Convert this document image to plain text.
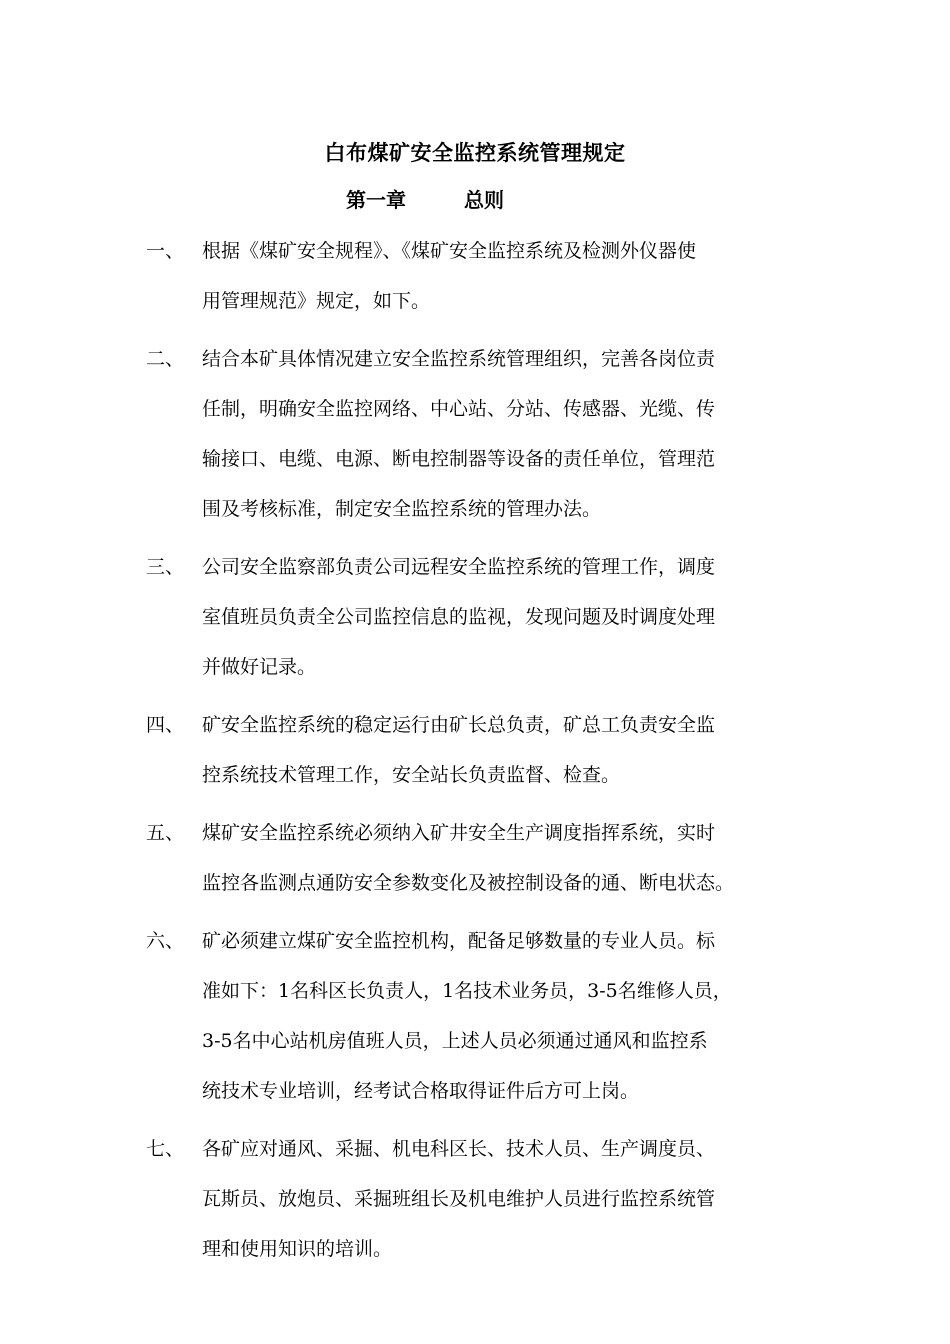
白布煤矿安全监控系统管理规定
第一章	总则
一、 根据《煤矿安全规程》、《煤矿安全监控系统及检测外仪器使
用管理规范》规定，如下。
二、 结合本矿具体情况建立安全监控系统管理组织，完善各岗位责
任制，明确安全监控网络、中心站、分站、传感器、光缆、传
输接口、电缆、电源、断电控制器等设备的责任单位，管理范
围及考核标准，制定安全监控系统的管理办法。
三、 公司安全监察部负责公司远程安全监控系统的管理工作，调度
室值班员负责全公司监控信息的监视，发现问题及时调度处理
并做好记录。
四、 矿安全监控系统的稳定运行由矿长总负责，矿总工负责安全监
控系统技术管理工作，安全站长负责监督、检查。
五、 煤矿安全监控系统必须纳入矿井安全生产调度指挥系统，实时
监控各监测点通防安全参数变化及被控制设备的通、断电状态。
六、 矿必须建立煤矿安全监控机构，配备足够数量的专业人员。标
准如下：1名科区长负责人，1名技术业务员，3-5名维修人员，
3-5名中心站机房值班人员，上述人员必须通过通风和监控系
统技术专业培训，经考试合格取得证件后方可上岗。
七、 各矿应对通风、采掘、机电科区长、技术人员、生产调度员、
瓦斯员、放炮员、采掘班组长及机电维护人员进行监控系统管
理和使用知识的培训。
